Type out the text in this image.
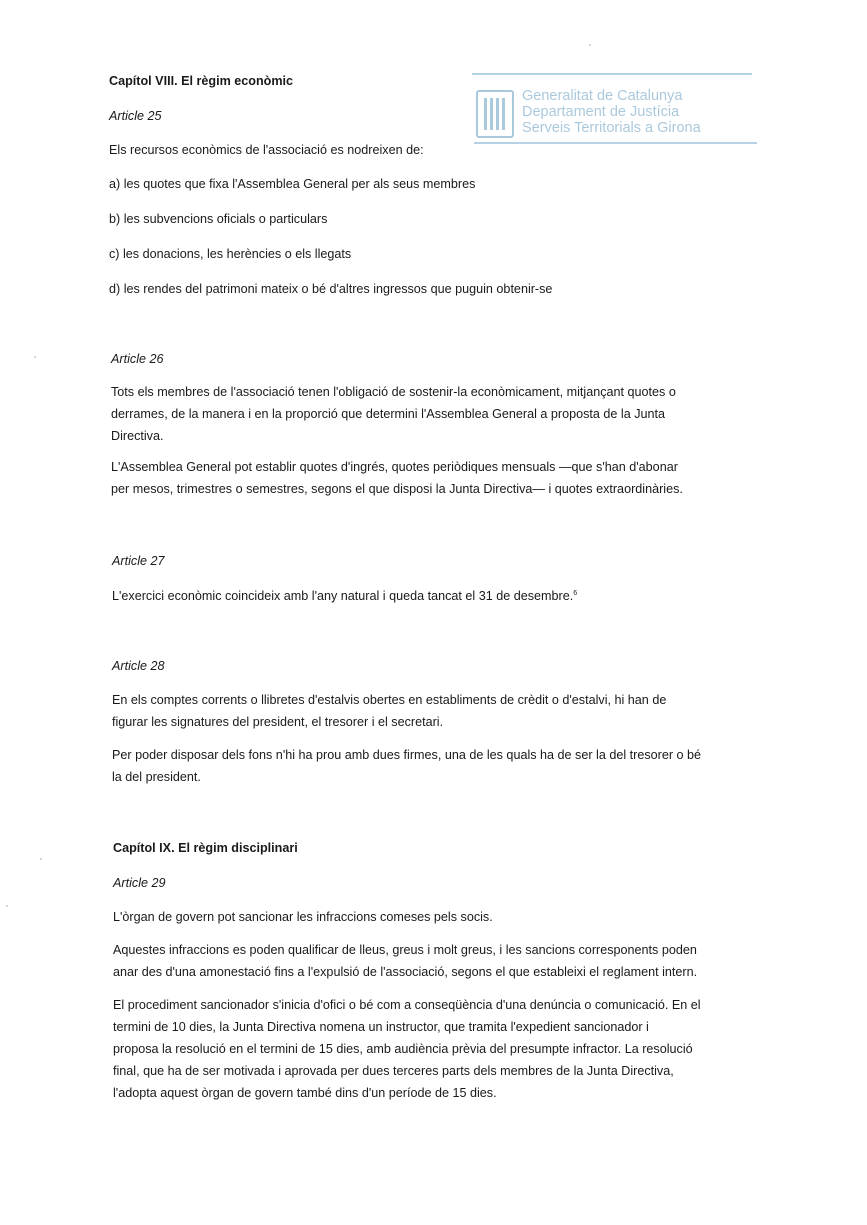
Generalitat de Catalunya
Departament de Justícia
Serveis Territorials a Girona
Capítol VIII. El règim econòmic
Article 25
Els recursos econòmics de l'associació es nodreixen de:
a) les quotes que fixa l'Assemblea General per als seus membres
b) les subvencions oficials o particulars
c) les donacions, les herències o els llegats
d) les rendes del patrimoni mateix o bé d'altres ingressos que puguin obtenir-se
Article 26
Tots els membres de l'associació tenen l'obligació de sostenir-la econòmicament, mitjançant quotes o
derrames, de la manera i en la proporció que determini l'Assemblea General a proposta de la Junta
Directiva.
L'Assemblea General pot establir quotes d'ingrés, quotes periòdiques mensuals —que s'han d'abonar
per mesos, trimestres o semestres, segons el que disposi la Junta Directiva— i quotes extraordinàries.
Article 27
L'exercici econòmic coincideix amb l'any natural i queda tancat el 31 de desembre.$^6$
Article 28
En els comptes corrents o llibretes d'estalvis obertes en establiments de crèdit o d'estalvi, hi han de
figurar les signatures del president, el tresorer i el secretari.
Per poder disposar dels fons n'hi ha prou amb dues firmes, una de les quals ha de ser la del tresorer o bé
la del president.
Capítol IX. El règim disciplinari
Article 29
L'òrgan de govern pot sancionar les infraccions comeses pels socis.
Aquestes infraccions es poden qualificar de lleus, greus i molt greus, i les sancions corresponents poden
anar des d'una amonestació fins a l'expulsió de l'associació, segons el que estableixi el reglament intern.
El procediment sancionador s'inicia d'ofici o bé com a conseqüència d'una denúncia o comunicació. En el
termini de 10 dies, la Junta Directiva nomena un instructor, que tramita l'expedient sancionador i
proposa la resolució en el termini de 15 dies, amb audiència prèvia del presumpte infractor. La resolució
final, que ha de ser motivada i aprovada per dues terceres parts dels membres de la Junta Directiva,
l'adopta aquest òrgan de govern també dins d'un període de 15 dies.
